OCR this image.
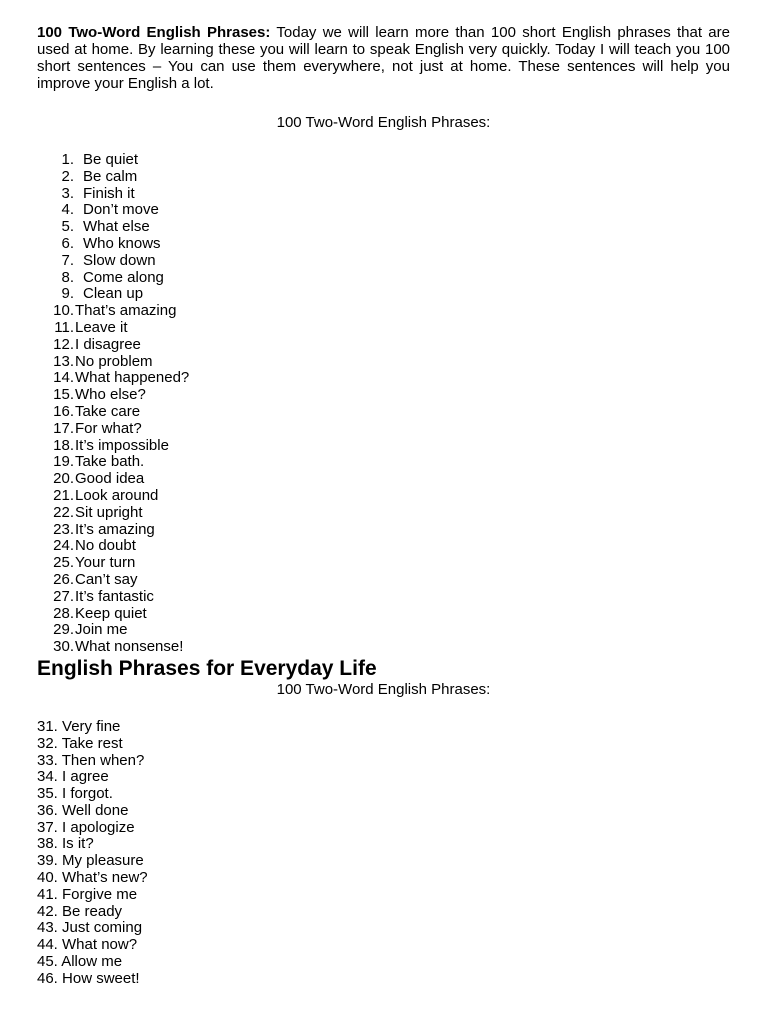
100 Two-Word English Phrases: Today we will learn more than 100 short English phrases that are used at home. By learning these you will learn to speak English very quickly. Today I will teach you 100 short sentences – You can use them everywhere, not just at home. These sentences will help you improve your English a lot.

100 Two-Word English Phrases:

1. Be quiet
2. Be calm
3. Finish it
4. Don’t move
5. What else
6. Who knows
7. Slow down
8. Come along
9. Clean up
10. That’s amazing
11. Leave it
12. I disagree
13. No problem
14. What happened?
15. Who else?
16. Take care
17. For what?
18. It’s impossible
19. Take bath.
20. Good idea
21. Look around
22. Sit upright
23. It’s amazing
24. No doubt
25. Your turn
26. Can’t say
27. It’s fantastic
28. Keep quiet
29. Join me
30. What nonsense!
English Phrases for Everyday Life

100 Two-Word English Phrases:

31. Very fine
32. Take rest
33. Then when?
34. I agree
35. I forgot.
36. Well done
37. I apologize
38. Is it?
39. My pleasure
40. What’s new?
41. Forgive me
42. Be ready
43. Just coming
44. What now?
45. Allow me
46. How sweet!
